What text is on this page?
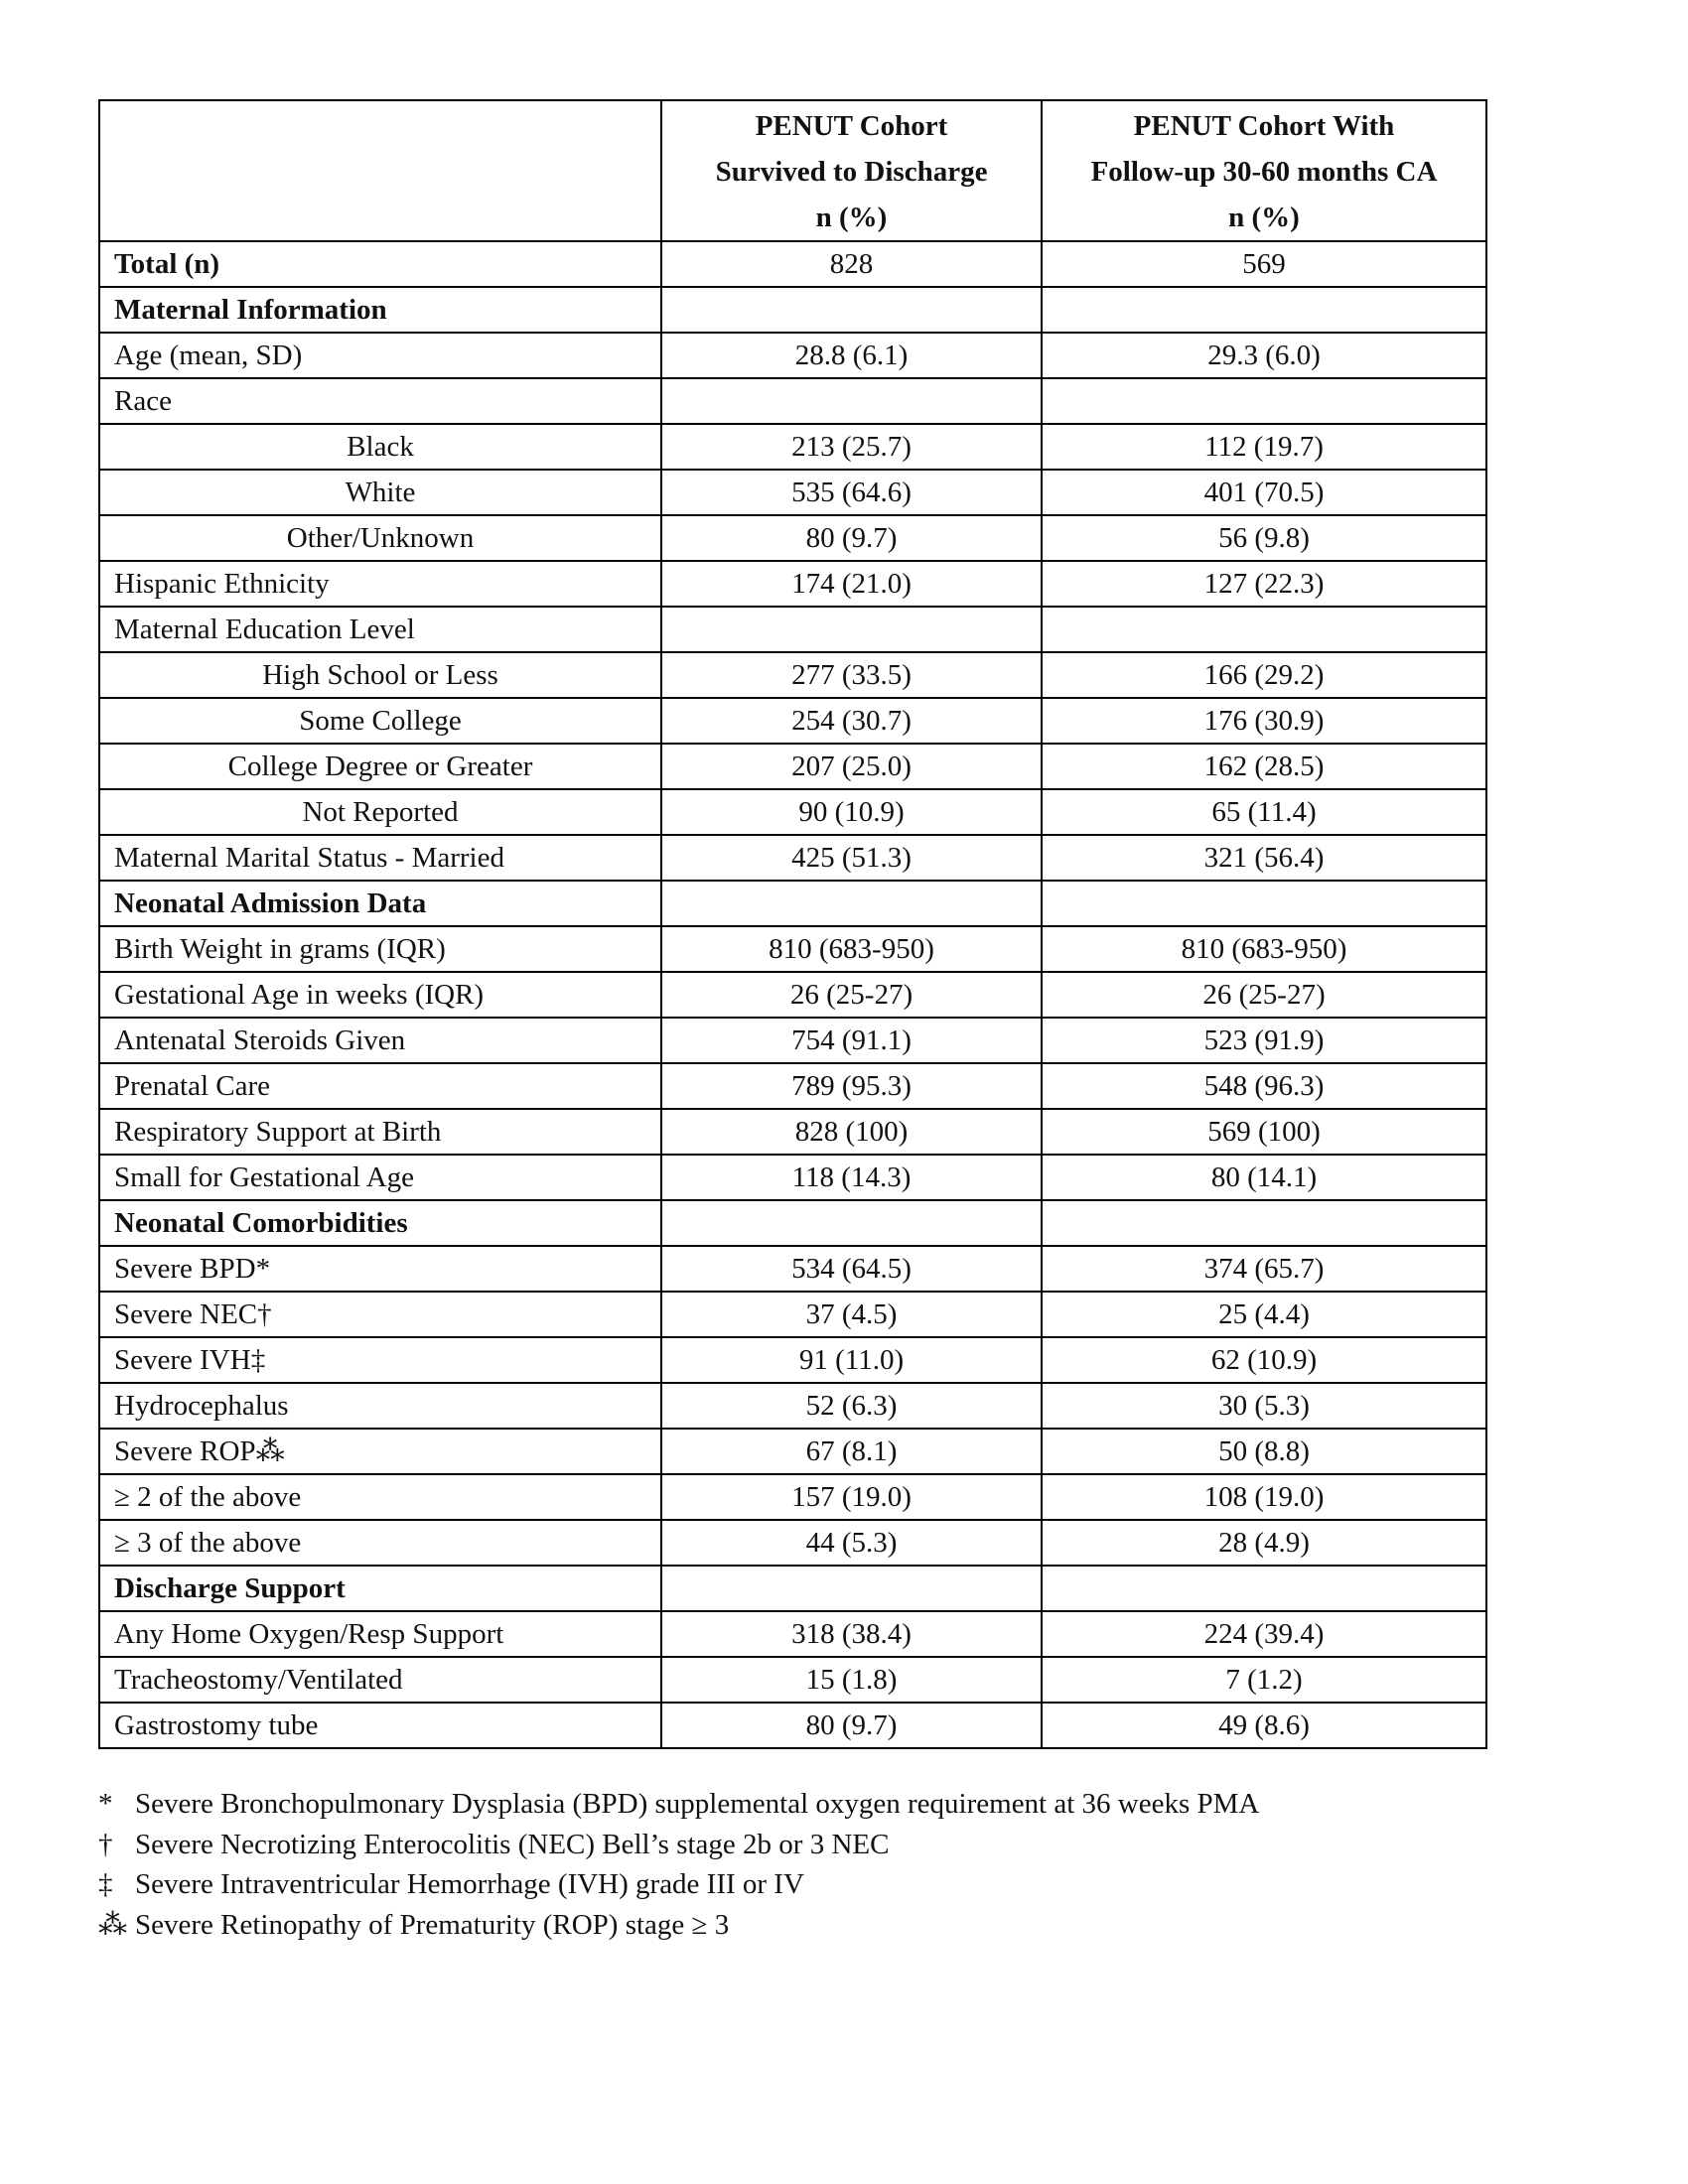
	PENUT Cohort
Survived to Discharge
n (%)	PENUT Cohort With
Follow-up 30-60 months CA
n (%)

Total (n)	828	569
Maternal Information		
Age (mean, SD)	28.8 (6.1)	29.3 (6.0)
Race		
Black	213 (25.7)	112 (19.7)
White	535 (64.6)	401 (70.5)
Other/Unknown	80 (9.7)	56 (9.8)
Hispanic Ethnicity	174 (21.0)	127 (22.3)
Maternal Education Level		
High School or Less	277 (33.5)	166 (29.2)
Some College	254 (30.7)	176 (30.9)
College Degree or Greater	207 (25.0)	162 (28.5)
Not Reported	90 (10.9)	65 (11.4)
Maternal Marital Status - Married	425 (51.3)	321 (56.4)
Neonatal Admission Data		
Birth Weight in grams (IQR)	810 (683-950)	810 (683-950)
Gestational Age in weeks (IQR)	26 (25-27)	26 (25-27)
Antenatal Steroids Given	754 (91.1)	523 (91.9)
Prenatal Care	789 (95.3)	548 (96.3)
Respiratory Support at Birth	828 (100)	569 (100)
Small for Gestational Age	118 (14.3)	80 (14.1)
Neonatal Comorbidities		
Severe BPD*	534 (64.5)	374 (65.7)
Severe NEC†	37 (4.5)	25 (4.4)
Severe IVH‡	91 (11.0)	62 (10.9)
Hydrocephalus	52 (6.3)	30 (5.3)
Severe ROP⁂	67 (8.1)	50 (8.8)
≥ 2 of the above	157 (19.0)	108 (19.0)
≥ 3 of the above	44 (5.3)	28 (4.9)
Discharge Support		
Any Home Oxygen/Resp Support	318 (38.4)	224 (39.4)
Tracheostomy/Ventilated	15 (1.8)	7 (1.2)
Gastrostomy tube	80 (9.7)	49 (8.6)
* Severe Bronchopulmonary Dysplasia (BPD) supplemental oxygen requirement at 36 weeks PMA
† Severe Necrotizing Enterocolitis (NEC) Bell’s stage 2b or 3 NEC
‡ Severe Intraventricular Hemorrhage (IVH) grade III or IV
⁂ Severe Retinopathy of Prematurity (ROP) stage ≥ 3
